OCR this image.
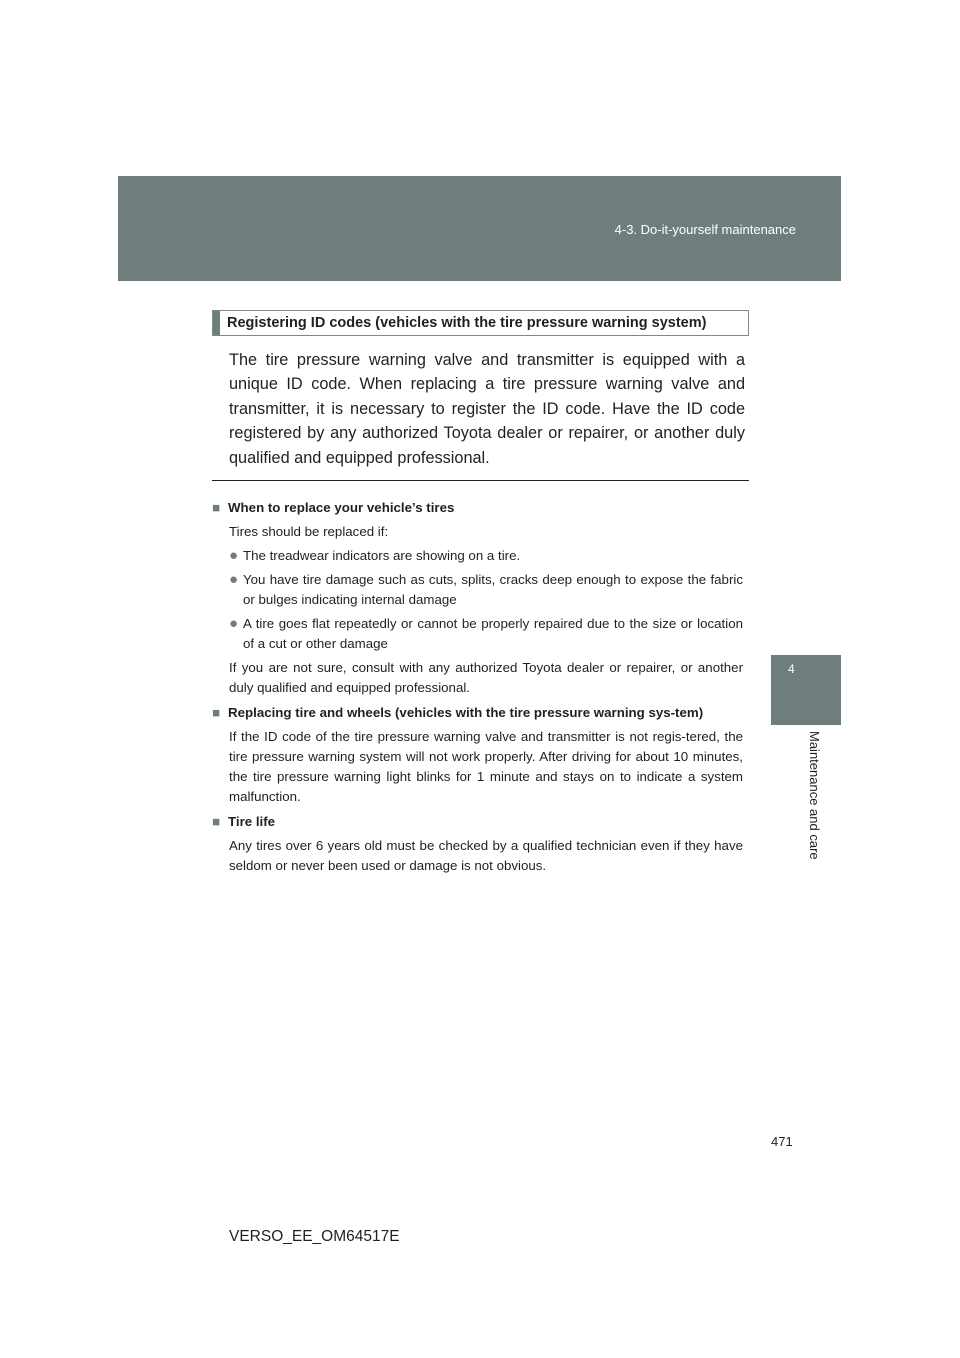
4-3. Do-it-yourself maintenance
4
Maintenance and care
Registering ID codes (vehicles with the tire pressure warning system)

The tire pressure warning valve and transmitter is equipped with a unique ID code. When replacing a tire pressure warning valve and transmitter, it is necessary to register the ID code. Have the ID code registered by any authorized Toyota dealer or repairer, or another duly qualified and equipped professional.

■ When to replace your vehicle’s tires
Tires should be replaced if:
● The treadwear indicators are showing on a tire.
● You have tire damage such as cuts, splits, cracks deep enough to expose the fabric or bulges indicating internal damage
● A tire goes flat repeatedly or cannot be properly repaired due to the size or location of a cut or other damage
If you are not sure, consult with any authorized Toyota dealer or repairer, or another duly qualified and equipped professional.
■ Replacing tire and wheels (vehicles with the tire pressure warning sys-tem)
If the ID code of the tire pressure warning valve and transmitter is not regis-tered, the tire pressure warning system will not work properly. After driving for about 10 minutes, the tire pressure warning light blinks for 1 minute and stays on to indicate a system malfunction.
■ Tire life
Any tires over 6 years old must be checked by a qualified technician even if they have seldom or never been used or damage is not obvious.
471
VERSO_EE_OM64517E
